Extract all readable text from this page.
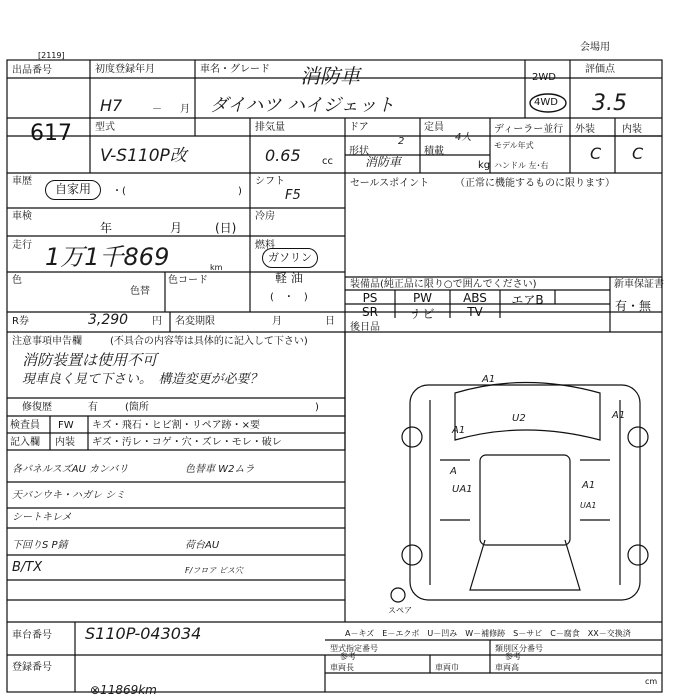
[2119]
会場用
出品番号
617
初度登録年月
H7	－ 月
車名・グレード 消防車
ダイハツ ハイジェット
2WD
4WD
評価点
3.5
型式
V-S110P改
排気量
0.65 cc
ドア
2
定員
4人
ディーラー並行
形状
消防車
積載
kg
モデル年式
ハンドル 左･右
外装	内装
C C
車歴
自家用	・(	)
シフト
F5
セールスポイント	（正常に機能するものに限ります）
車検
年	月	(日)
冷房
走行 1万1千869	km
燃料
ガソリン
軽 油
(　・　)
色
色替
色コード	装備品(純正品に限り○で囲んでください)
PS	PW	ABS	エアB
SR	ナビ	TV
新車保証書
有・無
R券	3,290 円 名変期限	月	日
後日品
注意事項申告欄	(不具合の内容等は具体的に記入して下さい)
消防装置は使用不可
現車良く見て下さい。　構造変更が必要？
修復歴	有	(箇所	)
検査員 FW キズ・飛石・ヒビ割・リペア跡・×要
記入欄 内装 ギズ・汚レ・コゲ・穴・ズレ・モレ・破レ
各パネルスズAU カンバリ
天バンウキ・ハガレ シミ
シートキレメ
下回りS P錆
B/TX
色替車 W2ムラ
荷台AU
F/フロア ビス穴
A1
U2
A1
A
UA1	A1
UA1
A1
スペア
車台番号 S110P-043034	A－キズ　E－エクボ　U－凹み　W－補修跡　S－サビ　C－腐食　XX－交換済
登録番号
⊗11869km
型式指定番号
参考
類別区分番号
参考
車両長	車両巾	車両高
cm
